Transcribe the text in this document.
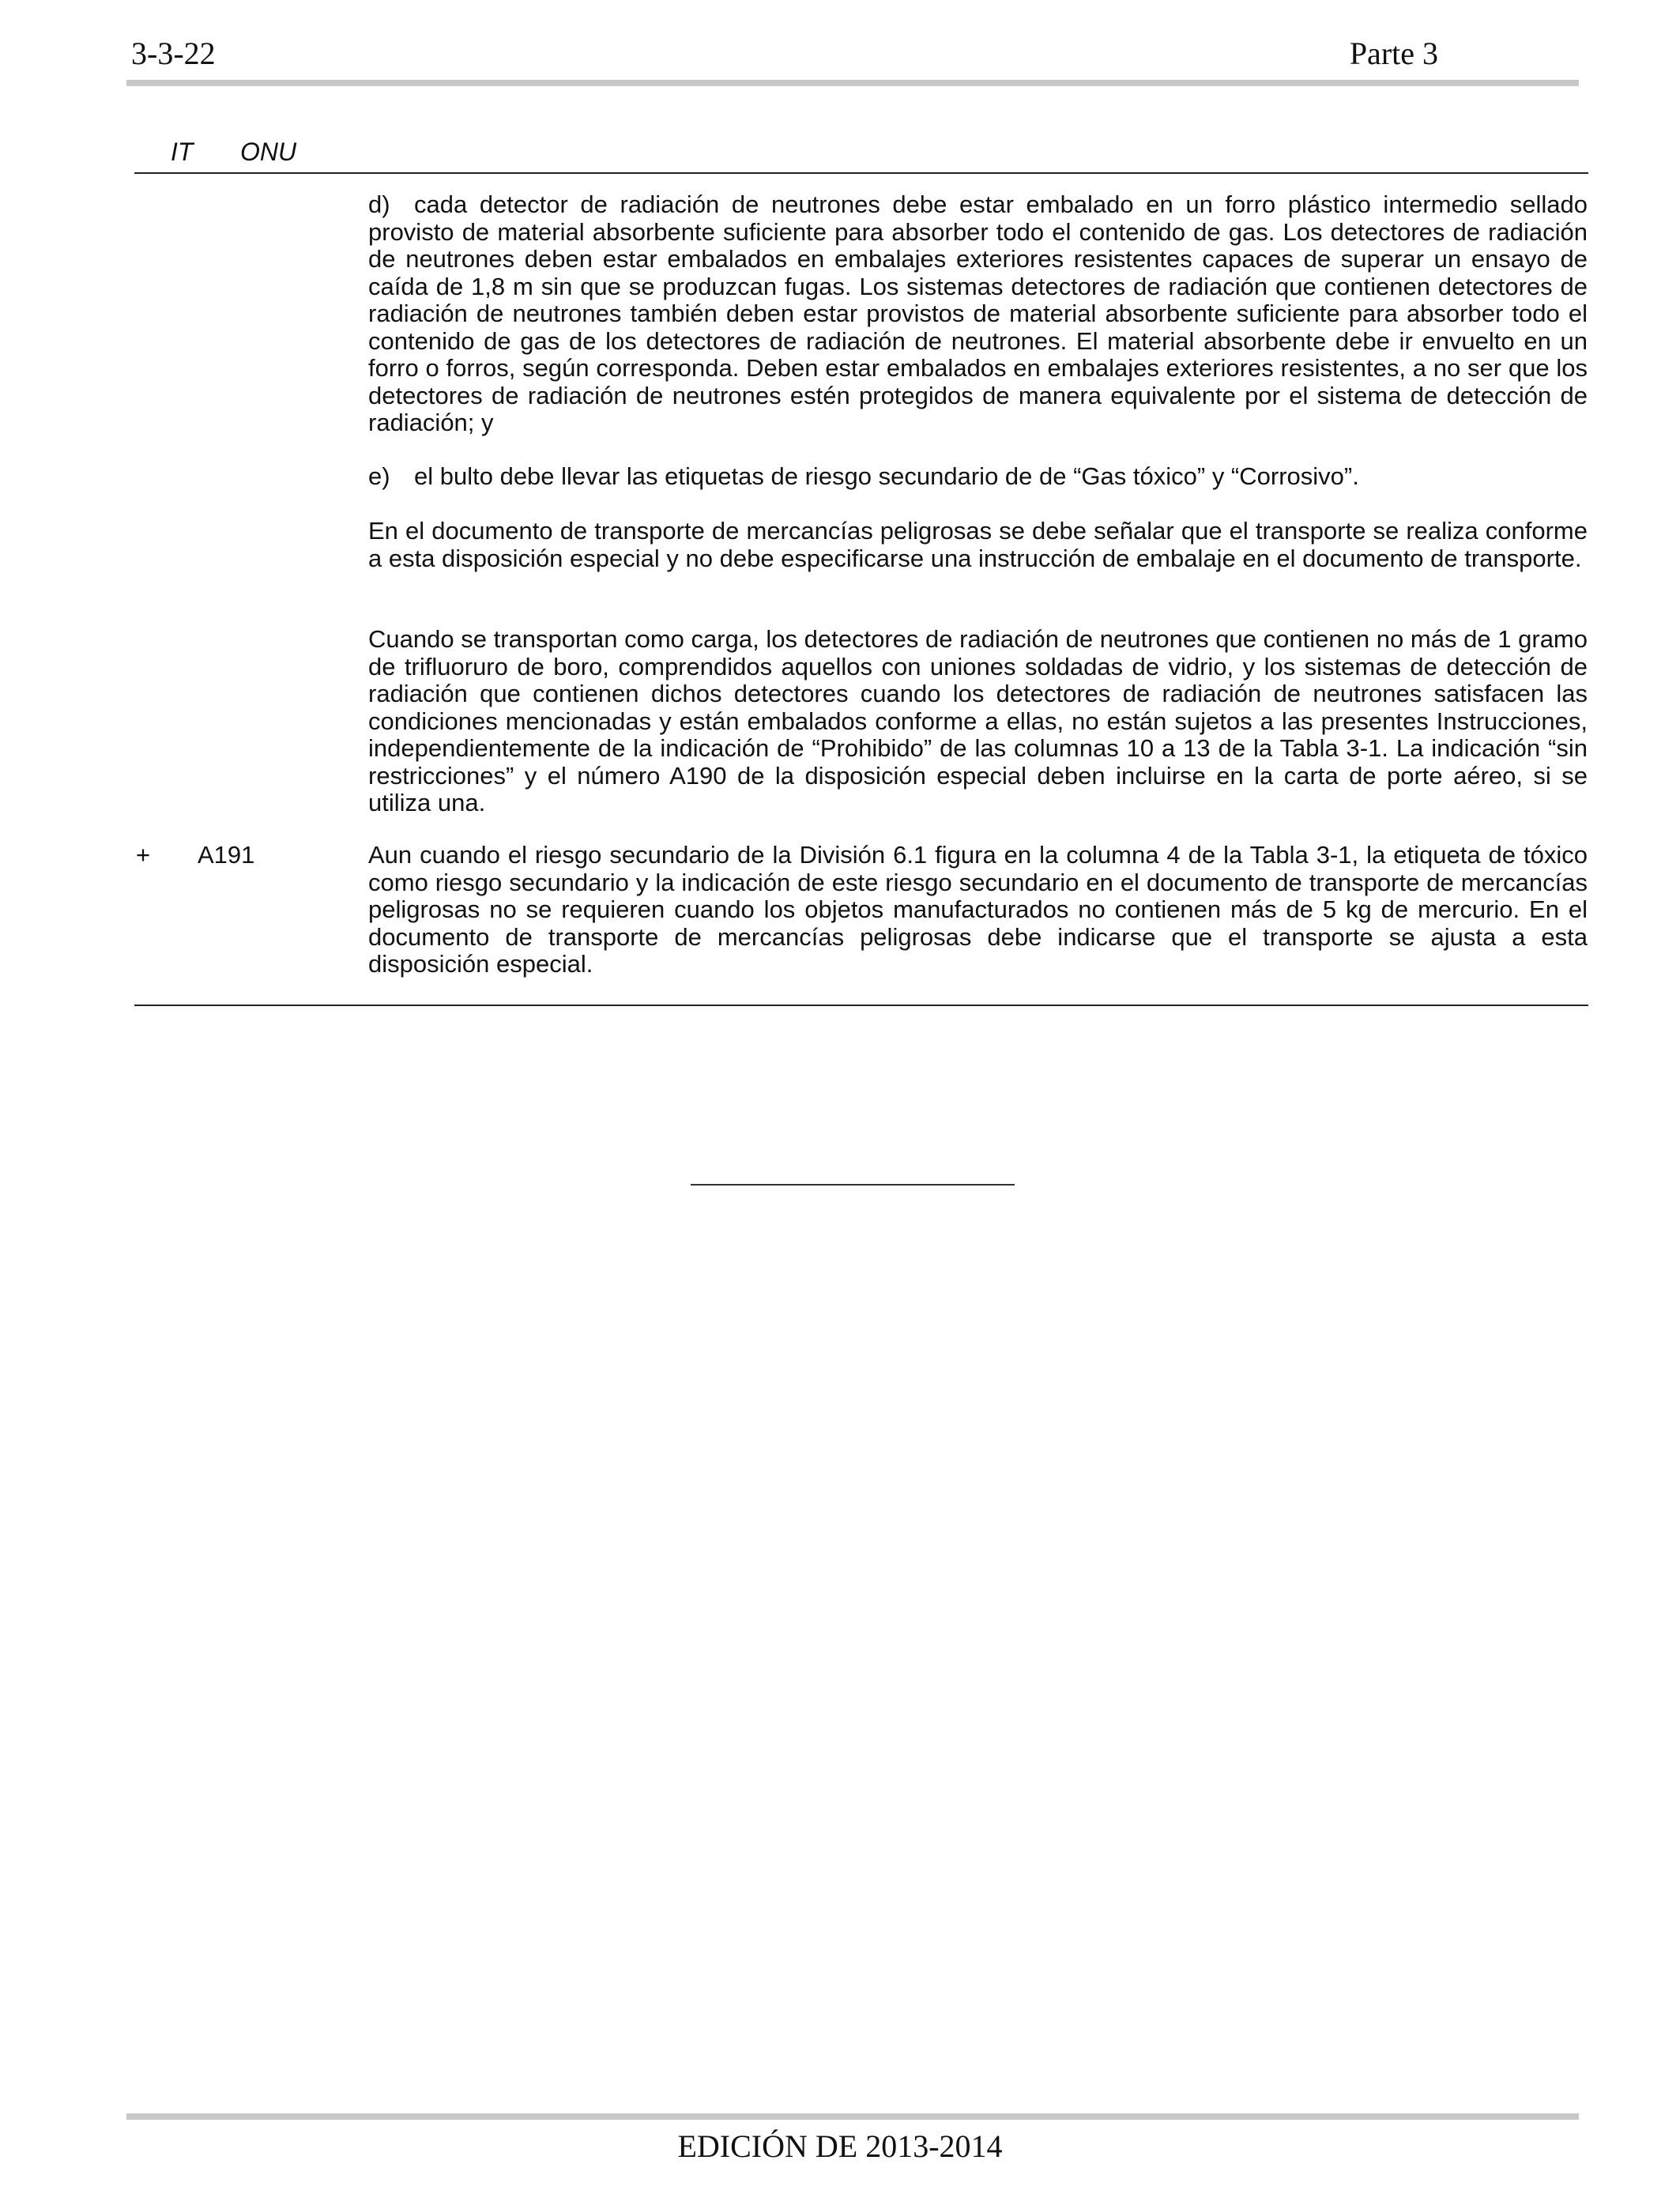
3-3-22	Parte 3
IT ONU

d) cada detector de radiación de neutrones debe estar embalado en un forro plástico intermedio sellado provisto de material absorbente suficiente para absorber todo el contenido de gas. Los detectores de radiación de neutrones deben estar embalados en embalajes exteriores resistentes capaces de superar un ensayo de caída de 1,8 m sin que se produzcan fugas. Los sistemas detectores de radiación que contienen detectores de radiación de neutrones también deben estar provistos de material absorbente suficiente para absorber todo el contenido de gas de los detectores de radiación de neutrones. El material absorbente debe ir envuelto en un forro o forros, según corresponda. Deben estar embalados en embalajes exteriores resistentes, a no ser que los detectores de radiación de neutrones estén protegidos de manera equivalente por el sistema de detección de radiación; y

e) el bulto debe llevar las etiquetas de riesgo secundario de de “Gas tóxico” y “Corrosivo”.

En el documento de transporte de mercancías peligrosas se debe señalar que el transporte se realiza conforme a esta disposición especial y no debe especificarse una instrucción de embalaje en el documento de transporte.

Cuando se transportan como carga, los detectores de radiación de neutrones que contienen no más de 1 gramo de trifluoruro de boro, comprendidos aquellos con uniones soldadas de vidrio, y los sistemas de detección de radiación que contienen dichos detectores cuando los detectores de radiación de neutrones satisfacen las condiciones mencionadas y están embalados conforme a ellas, no están sujetos a las presentes Instrucciones, independientemente de la indicación de “Prohibido” de las columnas 10 a 13 de la Tabla 3-1. La indicación “sin restricciones” y el número A190 de la disposición especial deben incluirse en la carta de porte aéreo, si se utiliza una.

+ A191	Aun cuando el riesgo secundario de la División 6.1 figura en la columna 4 de la Tabla 3-1, la etiqueta de tóxico como riesgo secundario y la indicación de este riesgo secundario en el documento de transporte de mercancías peligrosas no se requieren cuando los objetos manufacturados no contienen más de 5 kg de mercurio. En el documento de transporte de mercancías peligrosas debe indicarse que el transporte se ajusta a esta disposición especial.

EDICIÓN DE 2013-2014
